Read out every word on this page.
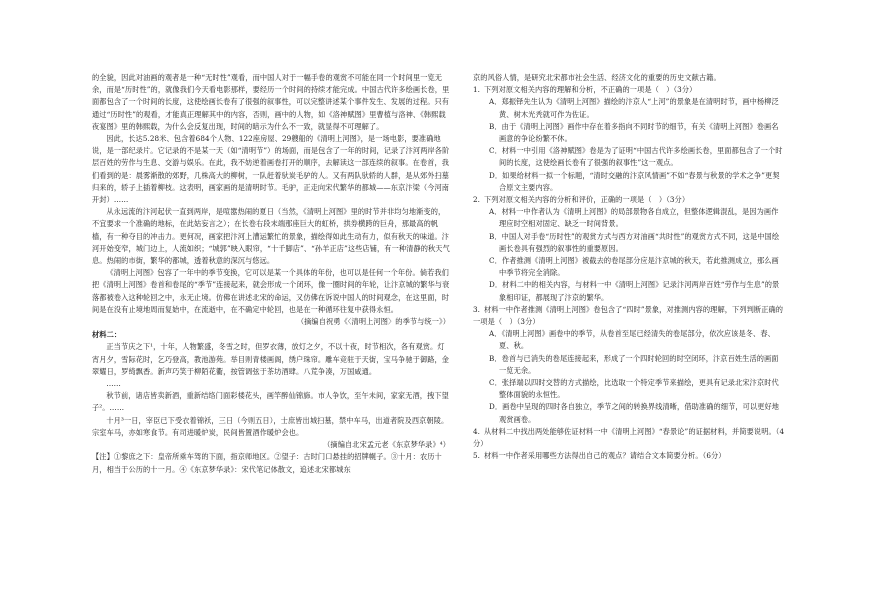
的全貌，因此对油画的观者是一种“无时性”观看，而中国人对于一幅手卷的观赏不可能在同一个时间里一览无余，而是“历时性”的，就像我们今天看电影那样，要经历一个时间的持续才能完成。中国古代许多绘画长卷，里面都包含了一个时间的长度，这使绘画长卷有了很强的叙事性，可以完整讲述某个事件发生、发展的过程。只有通过“历时性”的观看，才能真正理解其中的内容，否则，画中的人物，如《洛神赋图》里曹植与洛神、《韩熙载夜宴图》里的韩熙载，为什么会反复出现，时间的暗示为什么不一致，就显得不可理解了。

因此，长达5.28米、包含着684个人物、122座房屋、29艘船的《清明上河图》，是一场电影，要准确地说，是一部纪录片。它记录的不是某一天（如“清明节”）的场面，而是包含了一年的时间，记录了汴河两岸各阶层百姓的劳作与生息、交游与娱乐。在此，我不妨逆着画卷打开的顺序，去解读这一部连续的叙事。在卷首，我们看到的是：晨雾渐散的郊野，几株高大的柳树，一队赶着驮炭毛驴的人。又有两队驮轿的人群，是从郊外扫墓归来的，轿子上插着柳枝。这表明，画家画的是清明时节。毛驴，正走向宋代繁华的都城——东京汴梁（今河南开封）……

从永远流的汴河起伏一直到两岸，是喧嚣热闹的夏日（当然，《清明上河图》里的时节并非均匀地渐变的，不宜要求一个准确的地标，在此姑妄言之）；在长卷右段末端那座巨大的虹桥，拱券横跨的巨舟，那最高的帆樯，有一种夺目的冲击力。更何况，画家把汴河上漕运繁忙的景象，描绘得如此生动有力，似有秋天的味道。汴河开始变窄，城门边上，人流如织；“城郭”映入眼帘，“十千脚店”、“孙羊正店”这些店铺，有一种清静的秋天气息。热闹的市街，繁华的都城，透着秋意的深沉与悠远。

《清明上河图》包容了一年中的季节变换，它可以是某一个具体的年份，也可以是任何一个年份。倘若我们把《清明上河图》卷首和卷尾的“季节”连接起来，就会形成一个闭环，像一圈时间的年轮，让汴京城的繁华与衰落都被卷入这种轮回之中，永无止境。仿佛在讲述北宋的命运，又仿佛在诉说中国人的时间观念，在这里面，时间是在没有止境地周而复始中，在流逝中，在不确定中轮回，也是在一种循环往复中获得永恒。

（摘编自祝勇《〈清明上河图〉的季节与统一》）

材料二：

正当节庆之下¹，十年，人物繁盛，冬雪之时，但罗衣薄，放灯之夕，不以十夜，时节相次，各有观赏。灯宵月夕，雪际花时，乞巧登高，教池游苑。举目则青楼画阁，绣户珠帘。雕车竞驻于天街，宝马争驰于御路，金翠耀日，罗绮飘香。新声巧笑于柳陌花衢，按管调弦于茶坊酒肆。八荒争凑，万国咸通。

……

秋节前，诸店皆卖新酒，重新结络门面彩楼花头，画竿醉仙锦旆。市人争饮，至午未间，家家无酒，拽下望子²。……

十月³一日，宰臣已下受衣着锦袄，三日（今则五日），士庶皆出城扫墓，禁中车马，出道者院及西京朝陵。宗室车马，亦如寒食节。有司进暖炉炭，民间皆置酒作暖炉会也。

（摘编自北宋孟元老《东京梦华录》⁴）

【注】①黎庶之下：皇帝所乘车驾的下面，指京师地区。②望子：古时门口悬挂的招牌幌子。③十月：农历十月，相当于公历的十一月。④《东京梦华录》：宋代笔记体散文，追述北宋都城东

京的风俗人情，是研究北宋都市社会生活、经济文化的重要的历史文献古籍。

1. 下列对原文相关内容的理解和分析，不正确的一项是（　）（3分）

A．郑振铎先生认为《清明上河图》描绘的汴京人“上河”的景象是在清明时节，画中杨柳泛黄、树木光秃就可作为佐证。

B．由于《清明上河图》画作中存在着多指向不同时节的细节，有关《清明上河图》卷画名画意的争论纷繁不休。

C．材料一中引用《洛神赋图》卷是为了证明“中国古代许多绘画长卷，里面都包含了一个时间的长度，这使绘画长卷有了很强的叙事性”这一观点。

D．如果给材料一拟一个标题，“清时交融的汴京风情画”不如“春景与秋景的学术之争”更契合原文主要内容。

2. 下列对原文相关内容的分析和评价，正确的一项是（　）（3分）

A．材料一中作者认为《清明上河图》的局部景物各自成立，但整体逻辑混乱，是因为画作理应时空相对固定、缺乏一时间背景。

B．中国人对手卷“历时性”的观赏方式与西方对油画“共时性”的观赏方式不同，这是中国绘画长卷具有强烈的叙事性的重要原因。

C．作者推测《清明上河图》被截去的卷尾部分应是汴京城的秋天，若此推测成立，那么画中季节将完全消除。

D．材料二中的相关内容，与材料一中《清明上河图》记录汴河两岸百姓“劳作与生息”的景象相印证，都展现了汴京的繁华。

3. 材料一中作者推测《清明上河图》卷包含了“四时”景象，对推测内容的理解，下列判断正确的一项是（　）（3分）

A．《清明上河图》画卷中的季节，从卷首至尾已经清失的卷尾部分，依次应该是冬、春、夏、秋。

B．卷首与已消失的卷尾连接起来，形成了一个四时轮回的时空闭环，汴京百姓生活的画面一览无余。

C．张择端以四时交替的方式描绘，比选取一个特定季节来描绘，更具有记录北宋汴京时代整体面貌的永恒性。

D．画卷中呈现的四时各自独立，季节之间的转换界线清晰，借助准确的细节，可以更好地观赏画卷。

4. 从材料二中找出两处能够佐证材料一中《清明上河图》“春景论”的证据材料，并简要说明。（4分）

5. 材料一中作者采用哪些方法得出自己的观点？请结合文本简要分析。（6分）
